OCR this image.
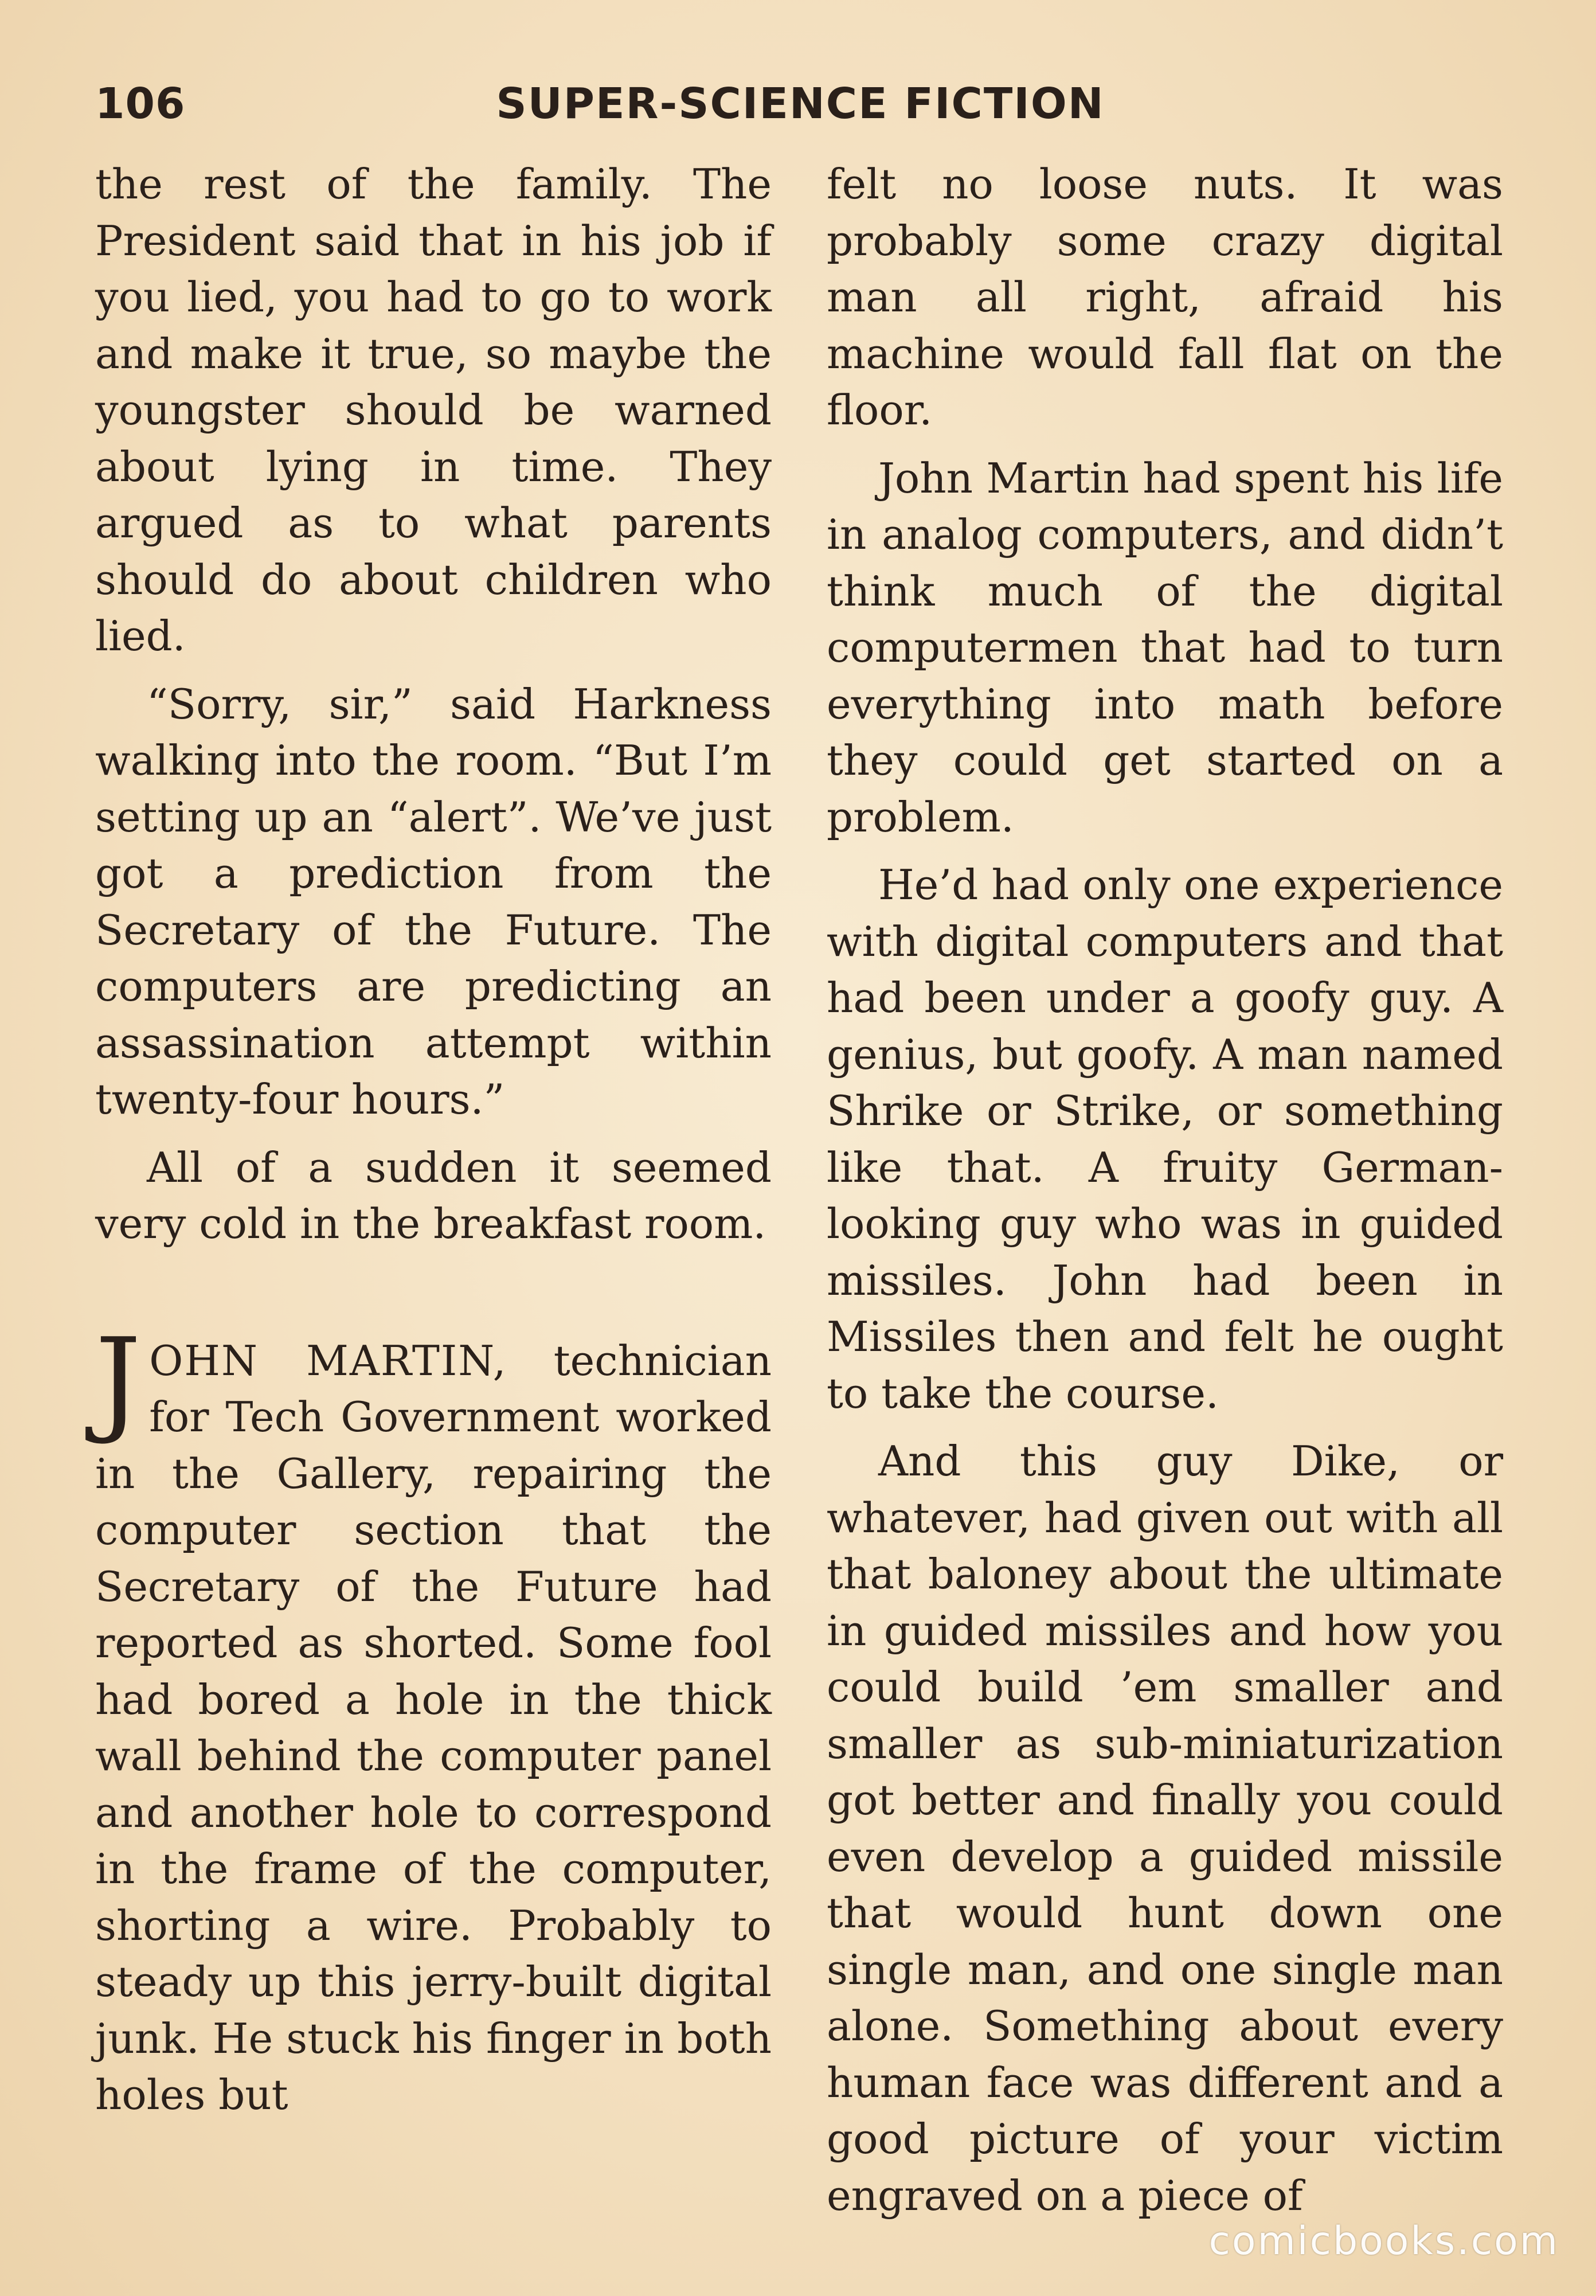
SUPER-SCIENCE FICTION
106

the rest of the family. The President said that in his job if you lied, you had to go to work and make it true, so maybe the youngster should be warned about lying in time. They argued as to what parents should do about children who lied.

“Sorry, sir,” said Harkness walking into the room. “But I’m setting up an “alert”. We’ve just got a prediction from the Secretary of the Future. The computers are predicting an assassination attempt within twenty-four hours.”

All of a sudden it seemed very cold in the breakfast room.

JOHN MARTIN, technician for Tech Government worked in the Gallery, repairing the computer section that the Secretary of the Future had reported as shorted. Some fool had bored a hole in the thick wall behind the computer panel and another hole to correspond in the frame of the computer, shorting a wire. Probably to steady up this jerry-built digital junk. He stuck his finger in both holes but

felt no loose nuts. It was probably some crazy digital man all right, afraid his machine would fall flat on the floor.

John Martin had spent his life in analog computers, and didn’t think much of the digital computermen that had to turn everything into math before they could get started on a problem.

He’d had only one experience with digital computers and that had been under a goofy guy. A genius, but goofy. A man named Shrike or Strike, or something like that. A fruity German-looking guy who was in guided missiles. John had been in Missiles then and felt he ought to take the course.

And this guy Dike, or whatever, had given out with all that baloney about the ultimate in guided missiles and how you could build ’em smaller and smaller as sub-miniaturization got better and finally you could even develop a guided missile that would hunt down one single man, and one single man alone. Something about every human face was different and a good picture of your victim engraved on a piece of

comicbooks.com
